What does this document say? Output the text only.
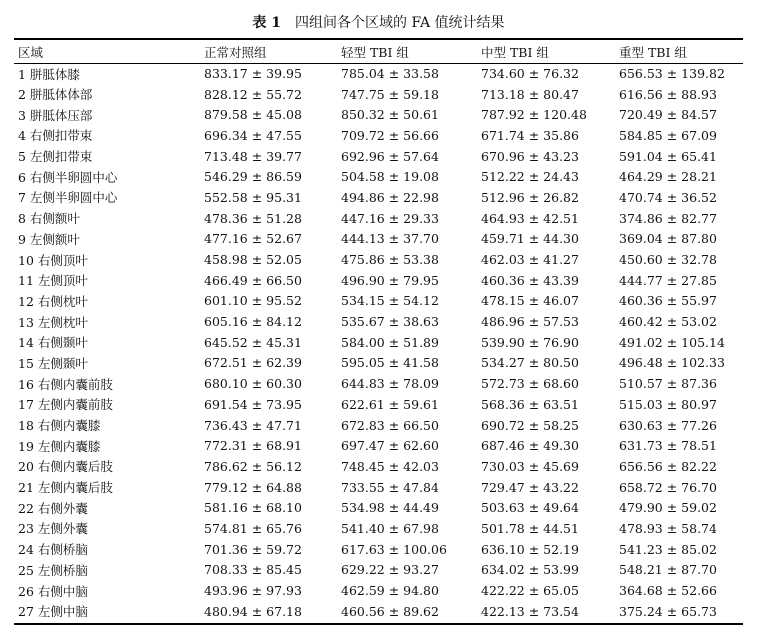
表 1 四组间各个区域的 FA 值统计结果
区域	正常对照组	轻型 TBI 组	中型 TBI 组	重型 TBI 组
1 胼胝体膝	833.17 ± 39.95	785.04 ± 33.58	734.60 ± 76.32	656.53 ± 139.82
2 胼胝体体部	828.12 ± 55.72	747.75 ± 59.18	713.18 ± 80.47	616.56 ± 88.93
3 胼胝体压部	879.58 ± 45.08	850.32 ± 50.61	787.92 ± 120.48	720.49 ± 84.57
4 右侧扣带束	696.34 ± 47.55	709.72 ± 56.66	671.74 ± 35.86	584.85 ± 67.09
5 左侧扣带束	713.48 ± 39.77	692.96 ± 57.64	670.96 ± 43.23	591.04 ± 65.41
6 右侧半卵圆中心	546.29 ± 86.59	504.58 ± 19.08	512.22 ± 24.43	464.29 ± 28.21
7 左侧半卵圆中心	552.58 ± 95.31	494.86 ± 22.98	512.96 ± 26.82	470.74 ± 36.52
8 右侧额叶	478.36 ± 51.28	447.16 ± 29.33	464.93 ± 42.51	374.86 ± 82.77
9 左侧额叶	477.16 ± 52.67	444.13 ± 37.70	459.71 ± 44.30	369.04 ± 87.80
10 右侧顶叶	458.98 ± 52.05	475.86 ± 53.38	462.03 ± 41.27	450.60 ± 32.78
11 左侧顶叶	466.49 ± 66.50	496.90 ± 79.95	460.36 ± 43.39	444.77 ± 27.85
12 右侧枕叶	601.10 ± 95.52	534.15 ± 54.12	478.15 ± 46.07	460.36 ± 55.97
13 左侧枕叶	605.16 ± 84.12	535.67 ± 38.63	486.96 ± 57.53	460.42 ± 53.02
14 右侧颞叶	645.52 ± 45.31	584.00 ± 51.89	539.90 ± 76.90	491.02 ± 105.14
15 左侧颞叶	672.51 ± 62.39	595.05 ± 41.58	534.27 ± 80.50	496.48 ± 102.33
16 右侧内囊前肢	680.10 ± 60.30	644.83 ± 78.09	572.73 ± 68.60	510.57 ± 87.36
17 左侧内囊前肢	691.54 ± 73.95	622.61 ± 59.61	568.36 ± 63.51	515.03 ± 80.97
18 右侧内囊膝	736.43 ± 47.71	672.83 ± 66.50	690.72 ± 58.25	630.63 ± 77.26
19 左侧内囊膝	772.31 ± 68.91	697.47 ± 62.60	687.46 ± 49.30	631.73 ± 78.51
20 右侧内囊后肢	786.62 ± 56.12	748.45 ± 42.03	730.03 ± 45.69	656.56 ± 82.22
21 左侧内囊后肢	779.12 ± 64.88	733.55 ± 47.84	729.47 ± 43.22	658.72 ± 76.70
22 右侧外囊	581.16 ± 68.10	534.98 ± 44.49	503.63 ± 49.64	479.90 ± 59.02
23 左侧外囊	574.81 ± 65.76	541.40 ± 67.98	501.78 ± 44.51	478.93 ± 58.74
24 右侧桥脑	701.36 ± 59.72	617.63 ± 100.06	636.10 ± 52.19	541.23 ± 85.02
25 左侧桥脑	708.33 ± 85.45	629.22 ± 93.27	634.02 ± 53.99	548.21 ± 87.70
26 右侧中脑	493.96 ± 97.93	462.59 ± 94.80	422.22 ± 65.05	364.68 ± 52.66
27 左侧中脑	480.94 ± 67.18	460.56 ± 89.62	422.13 ± 73.54	375.24 ± 65.73
